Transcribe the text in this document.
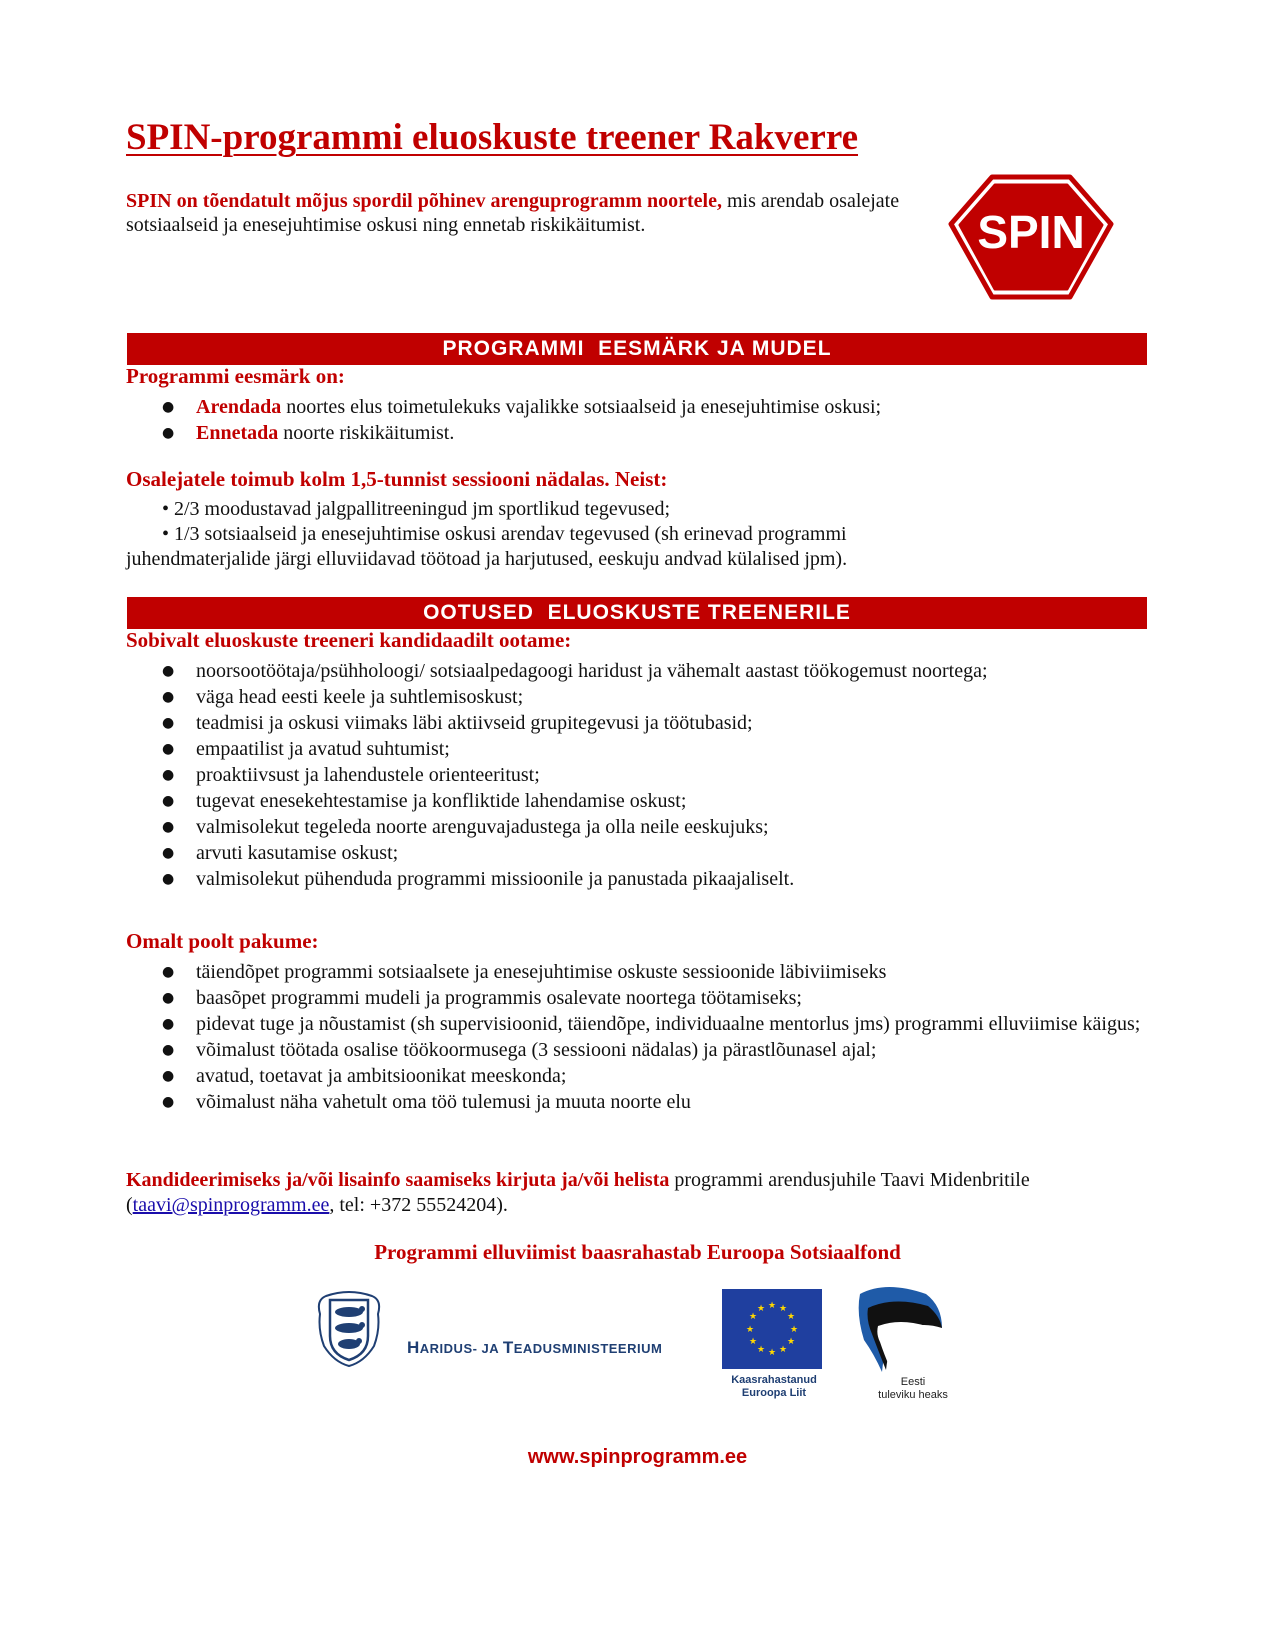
SPIN-programmi eluoskuste treener Rakverre
SPIN on tõendatult mõjus spordil põhinev arenguprogramm noortele, mis arendab osalejate sotsiaalseid ja enesejuhtimise oskusi ning ennetab riskikäitumist.	SPIN
PROGRAMMI  EESMÄRK JA MUDEL
Programmi eesmärk on:
● Arendada noortes elus toimetulekuks vajalikke sotsiaalseid ja enesejuhtimise oskusi;
● Ennetada noorte riskikäitumist.
Osalejatele toimub kolm 1,5-tunnist sessiooni nädalas. Neist:
• 2/3 moodustavad jalgpallitreeningud jm sportlikud tegevused;
• 1/3 sotsiaalseid ja enesejuhtimise oskusi arendav tegevused (sh erinevad programmi
juhendmaterjalide järgi elluviidavad töötoad ja harjutused, eeskuju andvad külalised jpm).
OOTUSED  ELUOSKUSTE TREENERILE
Sobivalt eluoskuste treeneri kandidaadilt ootame:
● noorsootöötaja/psühholoogi/ sotsiaalpedagoogi haridust ja vähemalt aastast töökogemust noortega;
● väga head eesti keele ja suhtlemisoskust;
● teadmisi ja oskusi viimaks läbi aktiivseid grupitegevusi ja töötubasid;
● empaatilist ja avatud suhtumist;
● proaktiivsust ja lahendustele orienteeritust;
● tugevat enesekehtestamise ja konfliktide lahendamise oskust;
● valmisolekut tegeleda noorte arenguvajadustega ja olla neile eeskujuks;
● arvuti kasutamise oskust;
● valmisolekut pühenduda programmi missioonile ja panustada pikaajaliselt.
Omalt poolt pakume:
● täiendõpet programmi sotsiaalsete ja enesejuhtimise oskuste sessioonide läbiviimiseks
● baasõpet programmi mudeli ja programmis osalevate noortega töötamiseks;
● pidevat tuge ja nõustamist (sh supervisioonid, täiendõpe, individuaalne mentorlus jms) programmi elluviimise käigus;
● võimalust töötada osalise töökoormusega (3 sessiooni nädalas) ja pärastlõunasel ajal;
● avatud, toetavat ja ambitsioonikat meeskonda;
● võimalust näha vahetult oma töö tulemusi ja muuta noorte elu
Kandideerimiseks ja/või lisainfo saamiseks kirjuta ja/või helista programmi arendusjuhile Taavi Midenbritile (taavi@spinprogramm.ee, tel: +372 55524204).
Programmi elluviimist baasrahastab Euroopa Sotsiaalfond
HARIDUS- JA TEADUSMINISTEERIUM
★ ★
★
★
★
★
★
★
★
★
★
★
Kaasrahastanud
Euroopa Liit
Eesti
tuleviku heaks
www.spinprogramm.ee
